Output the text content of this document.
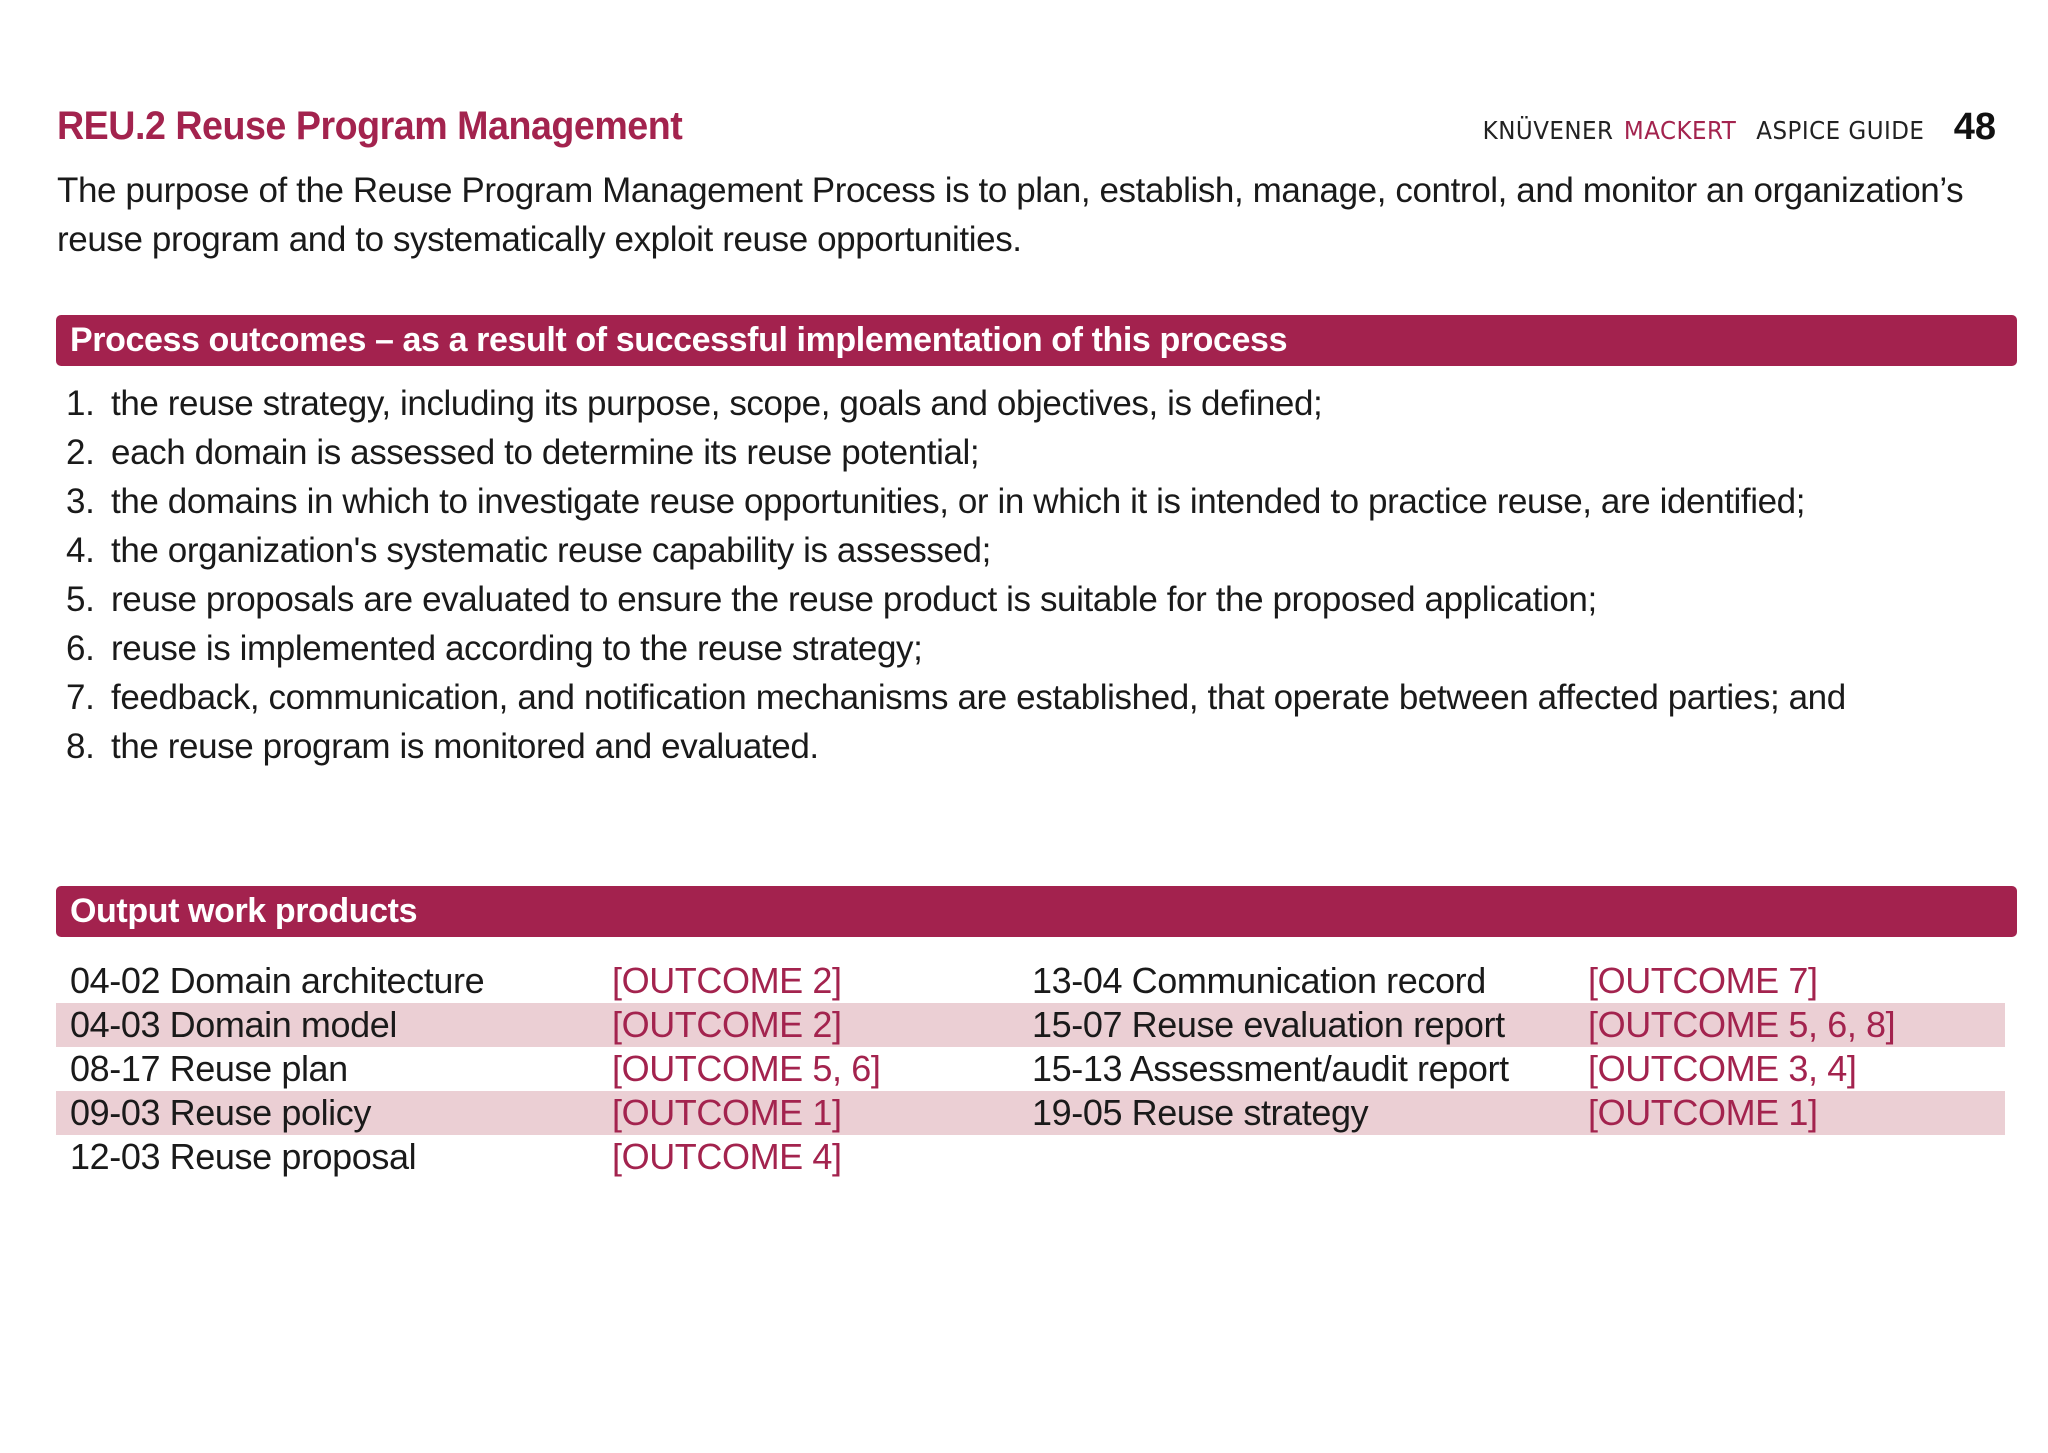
REU.2 Reuse Program Management	KNÜVENER MACKERT ASPICE GUIDE 48
The purpose of the Reuse Program Management Process is to plan, establish, manage, control, and monitor an organization’s reuse program and to systematically exploit reuse opportunities.
Process outcomes – as a result of successful implementation of this process
1. the reuse strategy, including its purpose, scope, goals and objectives, is defined;
2. each domain is assessed to determine its reuse potential;
3. the domains in which to investigate reuse opportunities, or in which it is intended to practice reuse, are identified;
4. the organization's systematic reuse capability is assessed;
5. reuse proposals are evaluated to ensure the reuse product is suitable for the proposed application;
6. reuse is implemented according to the reuse strategy;
7. feedback, communication, and notification mechanisms are established, that operate between affected parties; and
8. the reuse program is monitored and evaluated.
Output work products
04-02 Domain architecture	[OUTCOME 2]	13-04 Communication record	[OUTCOME 7]
04-03 Domain model	[OUTCOME 2]	15-07 Reuse evaluation report [OUTCOME 5, 6, 8]
08-17 Reuse plan	[OUTCOME 5, 6]	15-13 Assessment/audit report [OUTCOME 3, 4]
09-03 Reuse policy	[OUTCOME 1]	19-05 Reuse strategy	[OUTCOME 1]
12-03 Reuse proposal	[OUTCOME 4]
